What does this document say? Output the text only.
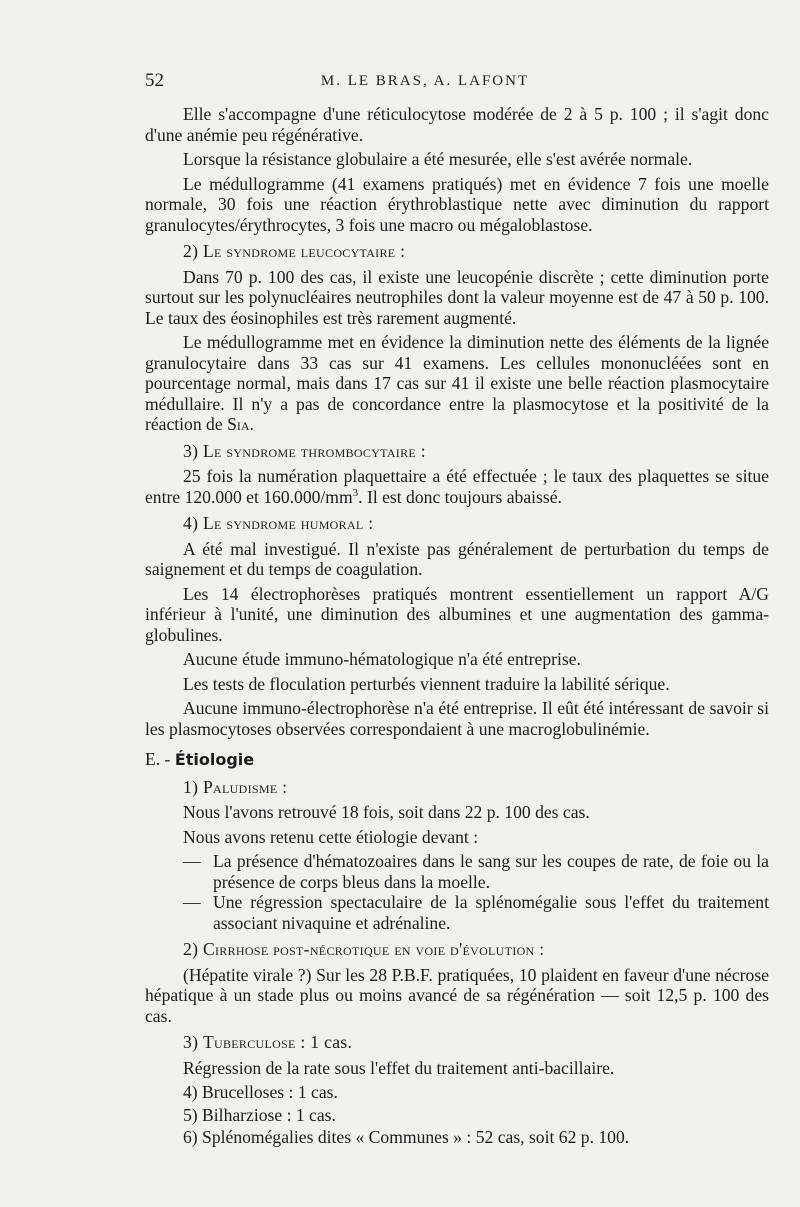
52	M. LE BRAS, A. LAFONT

Elle s'accompagne d'une réticulocytose modérée de 2 à 5 p. 100 ; il s'agit donc d'une anémie peu régénérative.

Lorsque la résistance globulaire a été mesurée, elle s'est avérée normale.

Le médullogramme (41 examens pratiqués) met en évidence 7 fois une moelle normale, 30 fois une réaction érythroblastique nette avec diminution du rapport granulocytes/érythrocytes, 3 fois une macro ou mégaloblastose.

2) Le syndrome leucocytaire :

Dans 70 p. 100 des cas, il existe une leucopénie discrète ; cette diminution porte surtout sur les polynucléaires neutrophiles dont la valeur moyenne est de 47 à 50 p. 100. Le taux des éosinophiles est très rarement augmenté.

Le médullogramme met en évidence la diminution nette des éléments de la lignée granulocytaire dans 33 cas sur 41 examens. Les cellules mononucléées sont en pourcentage normal, mais dans 17 cas sur 41 il existe une belle réaction plasmocytaire médullaire. Il n'y a pas de concordance entre la plasmocytose et la positivité de la réaction de Sia.

3) Le syndrome thrombocytaire :

25 fois la numération plaquettaire a été effectuée ; le taux des plaquettes se situe entre 120.000 et $160.000/mm^3$. Il est donc toujours abaissé.

4) Le syndrome humoral :

A été mal investigué. Il n'existe pas généralement de perturbation du temps de saignement et du temps de coagulation.

Les 14 électrophorèses pratiqués montrent essentiellement un rapport A/G inférieur à l'unité, une diminution des albumines et une augmentation des gamma-globulines.

Aucune étude immuno-hématologique n'a été entreprise.

Les tests de floculation perturbés viennent traduire la labilité sérique.

Aucune immuno-électrophorèse n'a été entreprise. Il eût été intéressant de savoir si les plasmocytoses observées correspondaient à une macroglobulinémie.

E. - Étiologie

1) Paludisme :

Nous l'avons retrouvé 18 fois, soit dans 22 p. 100 des cas.

Nous avons retenu cette étiologie devant :

— La présence d'hématozoaires dans le sang sur les coupes de rate, de foie ou la présence de corps bleus dans la moelle.
— Une régression spectaculaire de la splénomégalie sous l'effet du traitement associant nivaquine et adrénaline.

2) Cirrhose post-nécrotique en voie d'évolution :

(Hépatite virale ?) Sur les 28 P.B.F. pratiquées, 10 plaident en faveur d'une nécrose hépatique à un stade plus ou moins avancé de sa régénération — soit 12,5 p. 100 des cas.

3) Tuberculose : 1 cas.

Régression de la rate sous l'effet du traitement anti-bacillaire.

4) Brucelloses : 1 cas.

5) Bilharziose : 1 cas.

6) Splénomégalies dites « Communes » : 52 cas, soit 62 p. 100.
